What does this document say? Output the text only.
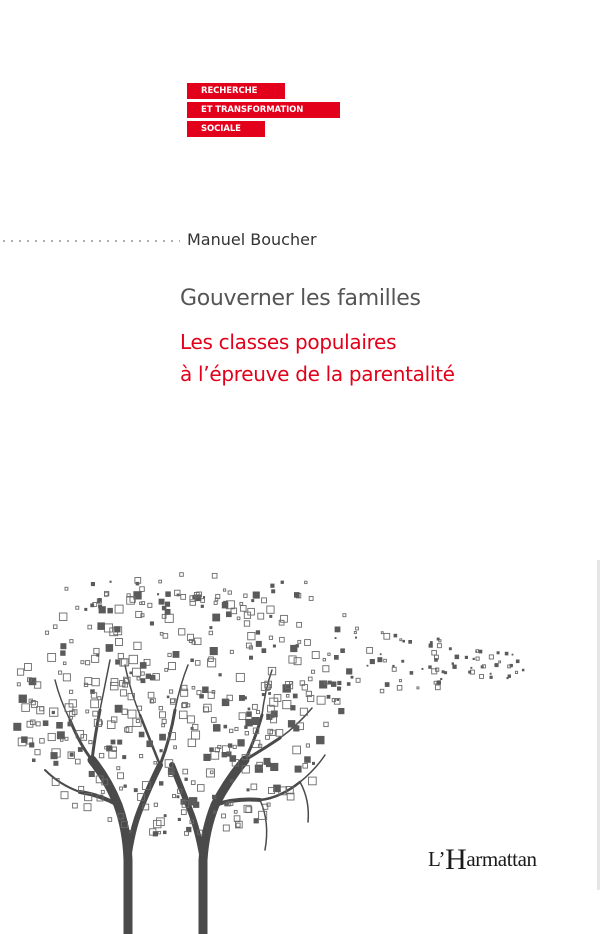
RECHERCHE
ET TRANSFORMATION
SOCIALE
Manuel Boucher
Gouverner les familles
Les classes populaires
à l’épreuve de la parentalité
L’Harmattan
